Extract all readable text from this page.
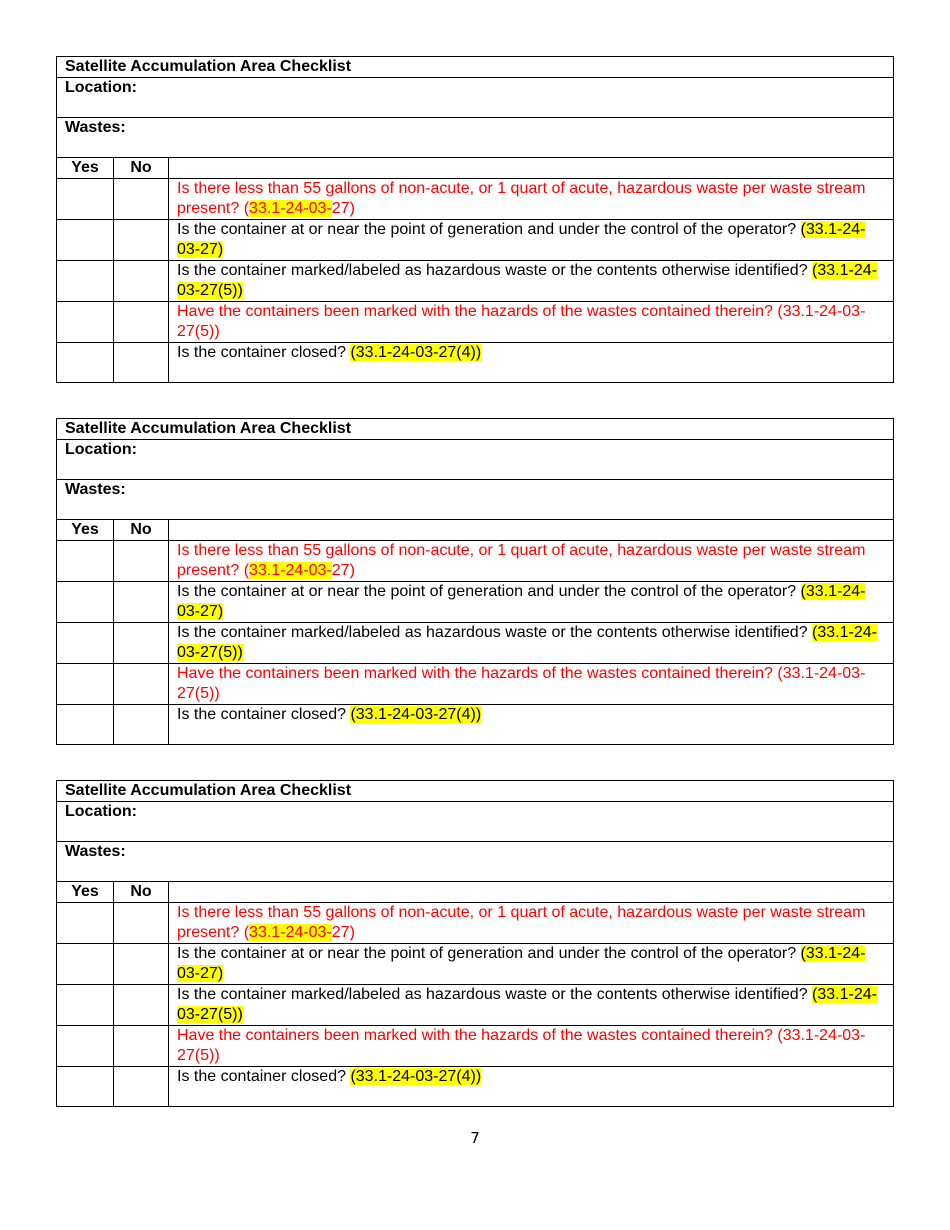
Satellite Accumulation Area Checklist		
Location:		
Wastes:		
Yes	No	
		Is there less than 55 gallons of non-acute, or 1 quart of acute, hazardous waste per waste stream present? (33.1-24-03-27)
		Is the container at or near the point of generation and under the control of the operator? (33.1-24-03-27)
		Is the container marked/labeled as hazardous waste or the contents otherwise identified? (33.1-24-03-27(5))
		Have the containers been marked with the hazards of the wastes contained therein? (33.1-24-03-27(5))
		Is the container closed? (33.1-24-03-27(4))
Satellite Accumulation Area Checklist		
Location:		
Wastes:		
Yes	No	
		Is there less than 55 gallons of non-acute, or 1 quart of acute, hazardous waste per waste stream present? (33.1-24-03-27)
		Is the container at or near the point of generation and under the control of the operator? (33.1-24-03-27)
		Is the container marked/labeled as hazardous waste or the contents otherwise identified? (33.1-24-03-27(5))
		Have the containers been marked with the hazards of the wastes contained therein? (33.1-24-03-27(5))
		Is the container closed? (33.1-24-03-27(4))
Satellite Accumulation Area Checklist		
Location:		
Wastes:		
Yes	No	
		Is there less than 55 gallons of non-acute, or 1 quart of acute, hazardous waste per waste stream present? (33.1-24-03-27)
		Is the container at or near the point of generation and under the control of the operator? (33.1-24-03-27)
		Is the container marked/labeled as hazardous waste or the contents otherwise identified? (33.1-24-03-27(5))
		Have the containers been marked with the hazards of the wastes contained therein? (33.1-24-03-27(5))
		Is the container closed? (33.1-24-03-27(4))
7
